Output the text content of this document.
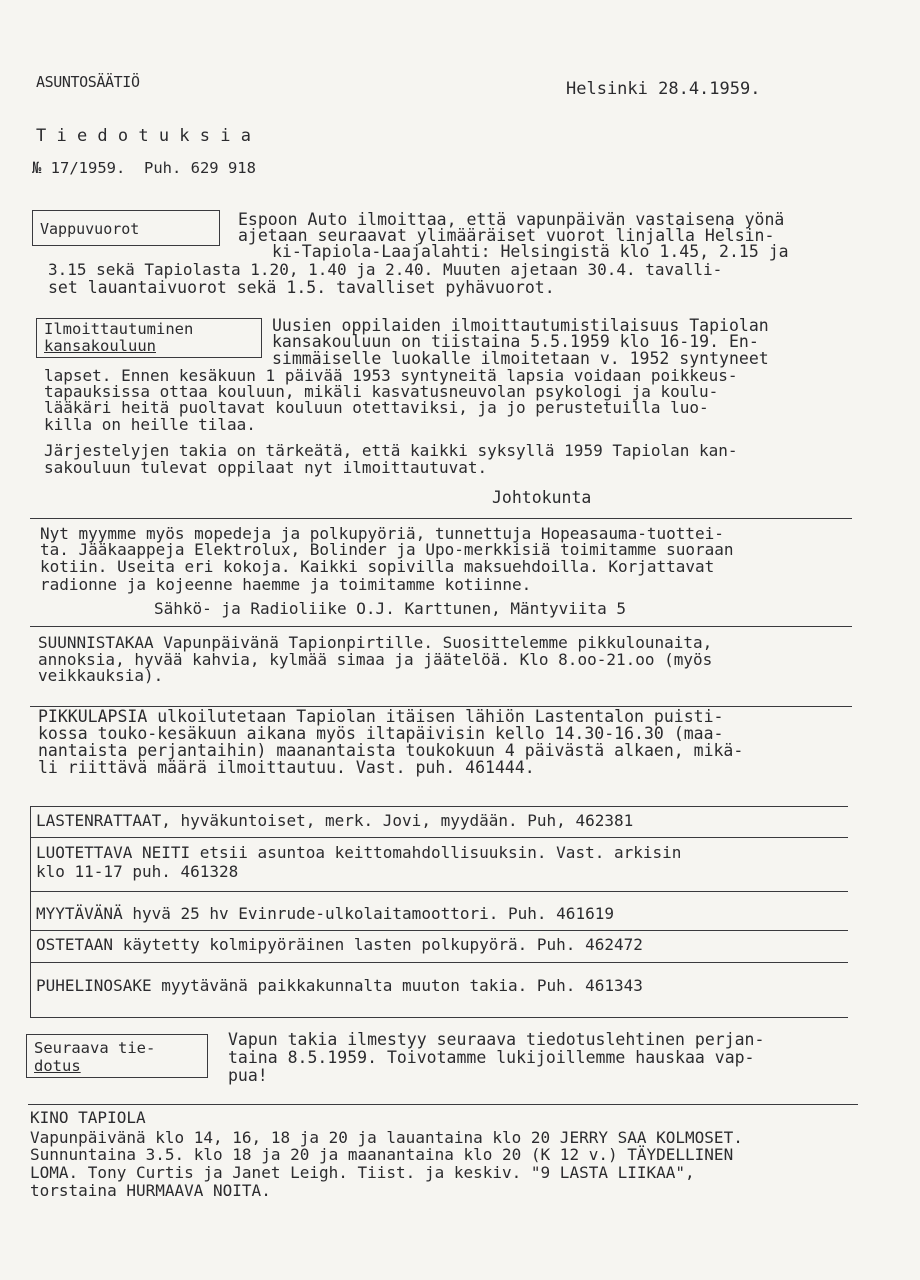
ASUNTOSÄÄTIÖ	Helsinki 28.4.1959.
T i e d o t u k s i a
№ 17/1959.  Puh. 629 918
Vappuvuorot	Espoon Auto ilmoittaa, että vapunpäivän vastaisena yönä
ajetaan seuraavat ylimääräiset vuorot linjalla Helsin-
ki-Tapiola-Laajalahti: Helsingistä klo 1.45, 2.15 ja
3.15 sekä Tapiolasta 1.20, 1.40 ja 2.40. Muuten ajetaan 30.4. tavalli-
set lauantaivuorot sekä 1.5. tavalliset pyhävuorot.
Ilmoittautuminen
kansakouluun
Uusien oppilaiden ilmoittautumistilaisuus Tapiolan
kansakouluun on tiistaina 5.5.1959 klo 16-19. En-
simmäiselle luokalle ilmoitetaan v. 1952 syntyneet
lapset. Ennen kesäkuun 1 päivää 1953 syntyneitä lapsia voidaan poikkeus-
tapauksissa ottaa kouluun, mikäli kasvatusneuvolan psykologi ja koulu-
lääkäri heitä puoltavat kouluun otettaviksi, ja jo perustetuilla luo-
killa on heille tilaa.
Järjestelyjen takia on tärkeätä, että kaikki syksyllä 1959 Tapiolan kan-
sakouluun tulevat oppilaat nyt ilmoittautuvat.
Johtokunta
Nyt myymme myös mopedeja ja polkupyöriä, tunnettuja Hopeasauma-tuottei-
ta. Jääkaappeja Elektrolux, Bolinder ja Upo-merkkisiä toimitamme suoraan
kotiin. Useita eri kokoja. Kaikki sopivilla maksuehdoilla. Korjattavat
radionne ja kojeenne haemme ja toimitamme kotiinne.
Sähkö- ja Radioliike O.J. Karttunen, Mäntyviita 5
SUUNNISTAKAA Vapunpäivänä Tapionpirtille. Suosittelemme pikkulounaita,
annoksia, hyvää kahvia, kylmää simaa ja jäätelöä. Klo 8.oo-21.oo (myös
veikkauksia).
PIKKULAPSIA ulkoilutetaan Tapiolan itäisen lähiön Lastentalon puisti-
kossa touko-kesäkuun aikana myös iltapäivisin kello 14.30-16.30 (maa-
nantaista perjantaihin) maanantaista toukokuun 4 päivästä alkaen, mikä-
li riittävä määrä ilmoittautuu. Vast. puh. 461444.
LASTENRATTAAT, hyväkuntoiset, merk. Jovi, myydään. Puh, 462381
LUOTETTAVA NEITI etsii asuntoa keittomahdollisuuksin. Vast. arkisin
klo 11-17 puh. 461328
MYYTÄVÄNÄ hyvä 25 hv Evinrude-ulkolaitamoottori. Puh. 461619
OSTETAAN käytetty kolmipyöräinen lasten polkupyörä. Puh. 462472
PUHELINOSAKE myytävänä paikkakunnalta muuton takia. Puh. 461343
Seuraava tie-
dotus
Vapun takia ilmestyy seuraava tiedotuslehtinen perjan-
taina 8.5.1959. Toivotamme lukijoillemme hauskaa vap-
pua!
KINO TAPIOLA
Vapunpäivänä klo 14, 16, 18 ja 20 ja lauantaina klo 20 JERRY SAA KOLMOSET.
Sunnuntaina 3.5. klo 18 ja 20 ja maanantaina klo 20 (K 12 v.) TÄYDELLINEN
LOMA. Tony Curtis ja Janet Leigh. Tiist. ja keskiv. "9 LASTA LIIKAA",
torstaina HURMAAVA NOITA.
